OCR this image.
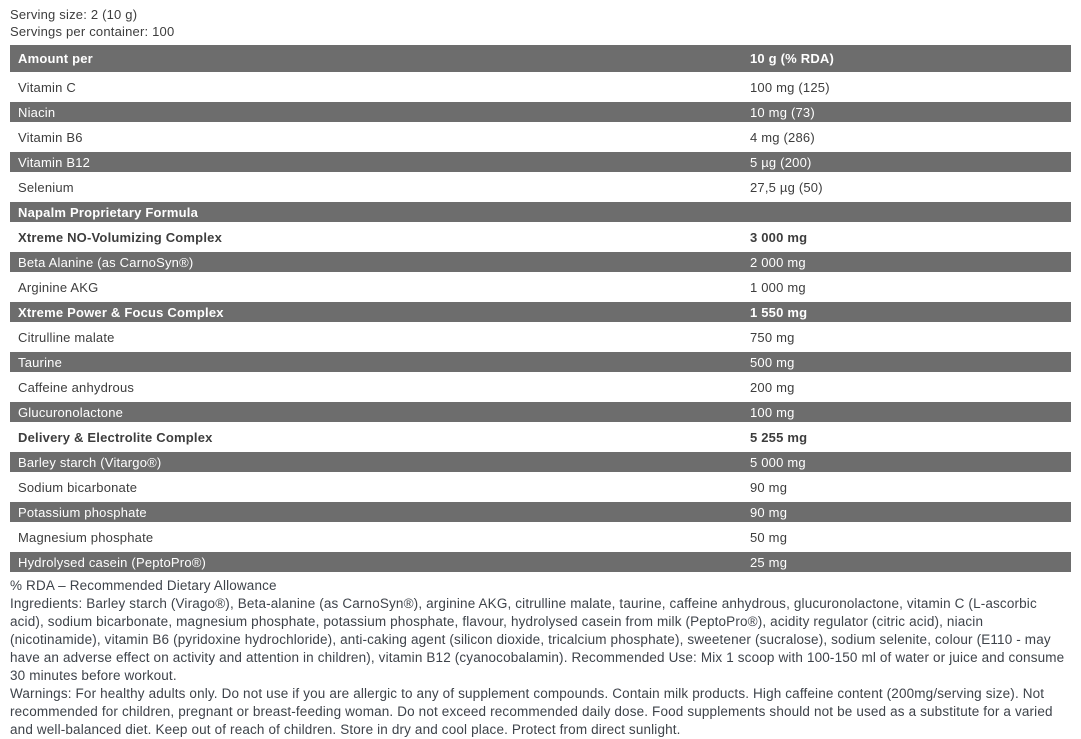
Serving size: 2 (10 g)
Servings per container: 100
Amount per	10 g (% RDA)
Vitamin C	100 mg (125)
Niacin	10 mg (73)
Vitamin B6	4 mg (286)
Vitamin B12	5 µg (200)
Selenium	27,5 µg (50)
Napalm Proprietary Formula
Xtreme NO-Volumizing Complex	3 000 mg
Beta Alanine (as CarnoSyn®)	2 000 mg
Arginine AKG	1 000 mg
Xtreme Power & Focus Complex	1 550 mg
Citrulline malate	750 mg
Taurine	500 mg
Caffeine anhydrous	200 mg
Glucuronolactone	100 mg
Delivery & Electrolite Complex	5 255 mg
Barley starch (Vitargo®)	5 000 mg
Sodium bicarbonate	90 mg
Potassium phosphate	90 mg
Magnesium phosphate	50 mg
Hydrolysed casein (PeptoPro®)	25 mg

% RDA – Recommended Dietary Allowance

Ingredients: Barley starch (Virago®), Beta-alanine (as CarnoSyn®), arginine AKG, citrulline malate, taurine, caffeine anhydrous, glucuronolactone, vitamin C (L-ascorbic acid), sodium bicarbonate, magnesium phosphate, potassium phosphate, flavour, hydrolysed casein from milk (PeptoPro®), acidity regulator (citric acid), niacin (nicotinamide), vitamin B6 (pyridoxine hydrochloride), anti-caking agent (silicon dioxide, tricalcium phosphate), sweetener (sucralose), sodium selenite, colour (E110 - may have an adverse effect on activity and attention in children), vitamin B12 (cyanocobalamin). Recommended Use: Mix 1 scoop with 100-150 ml of water or juice and consume 30 minutes before workout.

Warnings: For healthy adults only. Do not use if you are allergic to any of supplement compounds. Contain milk products. High caffeine content (200mg/serving size). Not recommended for children, pregnant or breast-feeding woman. Do not exceed recommended daily dose. Food supplements should not be used as a substitute for a varied and well-balanced diet. Keep out of reach of children. Store in dry and cool place. Protect from direct sunlight.
